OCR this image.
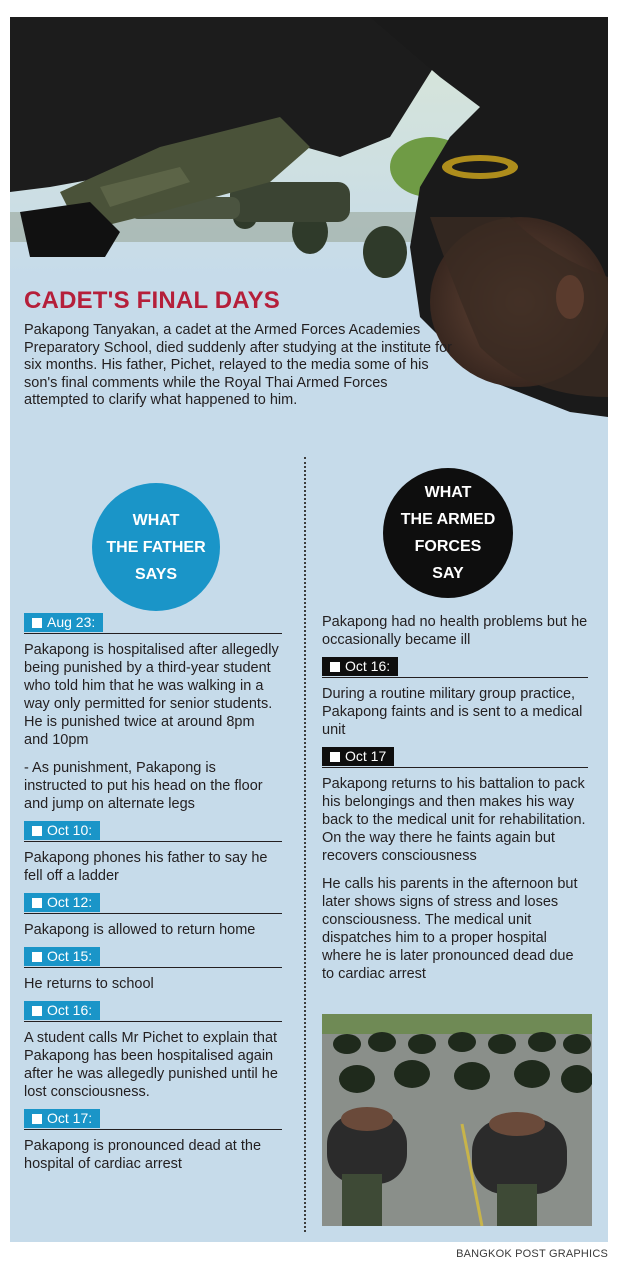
CADET'S FINAL DAYS

Pakapong Tanyakan, a cadet at the Armed Forces Academies Preparatory School, died suddenly after studying at the institute for six months. His father, Pichet, relayed to the media some of his son's final comments while the Royal Thai Armed Forces attempted to clarify what happened to him.

WHAT
THE FATHER
SAYS
WHAT
THE ARMED
FORCES
SAY
Aug 23:

Pakapong is hospitalised after allegedly being punished by a third-year student who told him that he was walking in a way only permitted for senior students. He is punished twice at around 8pm and 10pm

- As punishment, Pakapong is instructed to put his head on the floor and jump on alternate legs

Oct 10:

Pakapong phones his father to say he fell off a ladder

Oct 12:

Pakapong is allowed to return home

Oct 15:

He returns to school

Oct 16:

A student calls Mr Pichet to explain that Pakapong has been hospitalised again after he was allegedly punished until he lost consciousness.

Oct 17:

Pakapong is pronounced dead at the hospital of cardiac arrest

Pakapong had no health problems but he occasionally became ill

Oct 16:

During a routine military group practice, Pakapong faints and is sent to a medical unit

Oct 17

Pakapong returns to his battalion to pack his belongings and then makes his way back to the medical unit for rehabilitation. On the way there he faints again but recovers consciousness

He calls his parents in the afternoon but later shows signs of stress and loses consciousness. The medical unit dispatches him to a proper hospital where he is later pronounced dead due to cardiac arrest

BANGKOK POST GRAPHICS
